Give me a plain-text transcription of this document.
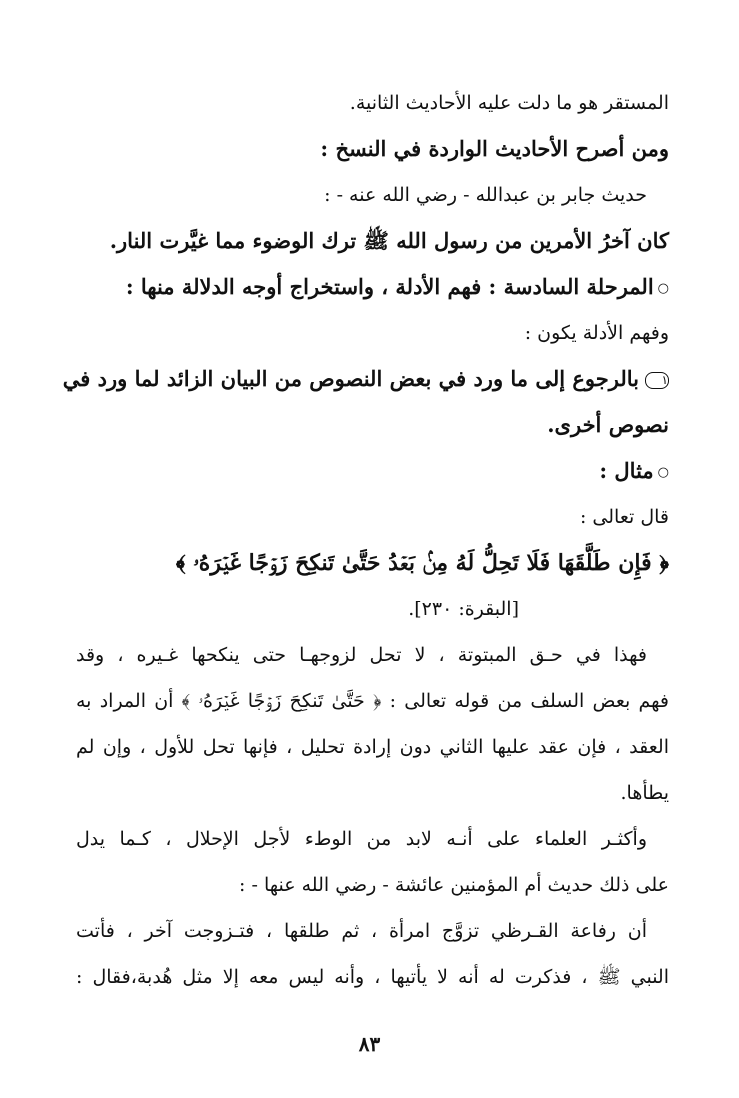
المستقر هو ما دلت عليه الأحاديث الثانية.
ومن أصرح الأحاديث الواردة في النسخ :
حديث جابر بن عبدالله - رضي الله عنه - :
كان آخرُ الأمرين من رسول الله ﷺ ترك الوضوء مما غيَّرت النار.
○المرحلة السادسة : فهم الأدلة ، واستخراج أوجه الدلالة منها :
وفهم الأدلة يكون :
١بالرجوع إلى ما ورد في بعض النصوص من البيان الزائد لما ورد في
نصوص أخرى.
○مثال :
قال تعالى :
﴿ فَإِن طَلَّقَهَا فَلَا تَحِلُّ لَهُ مِنۢ بَعۡدُ حَتَّىٰ تَنكِحَ زَوۡجًا غَيۡرَهُۥ ﴾
[البقرة: ٢٣٠].
فهذا في حـق المبتوتة ، لا تحل لزوجهـا حتى ينكحها غـيره ، وقد
فهم بعض السلف من قوله تعالى : ﴿ حَتَّىٰ تَنكِحَ زَوۡجًا غَيۡرَهُۥ ﴾ أن المراد به
العقد ، فإن عقد عليها الثاني دون إرادة تحليل ، فإنها تحل للأول ، وإن لم
يطأها.
وأكثـر العلماء على أنـه لابد من الوطء لأجل الإحلال ، كـما يدل
على ذلك حديث أم المؤمنين عائشة - رضي الله عنها - :
أن رفاعة القـرظي تزوَّج امرأة ، ثم طلقها ، فتـزوجت آخر ، فأتت
النبي ﷺ ، فذكرت له أنه لا يأتيها ، وأنه ليس معه إلا مثل هُدبة،فقال :
٨٣
